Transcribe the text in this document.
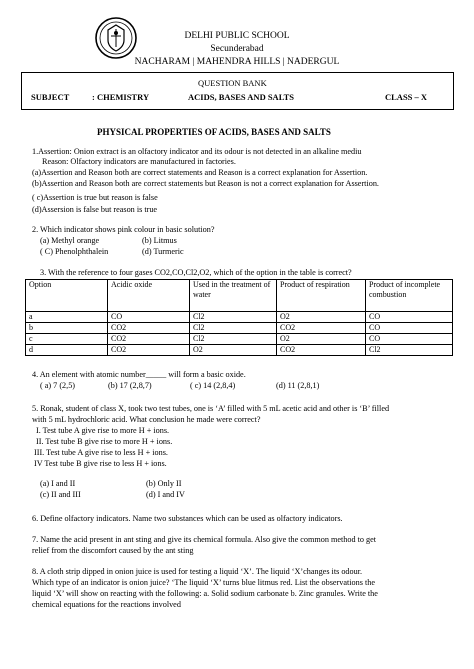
DELHI PUBLIC SCHOOL
Secunderabad
NACHARAM | MAHENDRA HILLS | NADERGUL
QUESTION BANK
SUBJECT	: CHEMISTRY	ACIDS, BASES AND SALTS	CLASS – X
PHYSICAL PROPERTIES OF ACIDS, BASES AND SALTS
1.Assertion: Onion extract is an olfactory indicator and its odour is not detected in an alkaline mediu
Reason: Olfactory indicators are manufactured in factories.
(a)Assertion and Reason both are correct statements and Reason is a correct explanation for Assertion.
(b)Assertion and Reason both are correct statements but Reason is not a correct explanation for Assertion.
( c)Assertion is true but reason is false
(d)Assersion is false but reason is true
2. Which indicator shows pink colour in basic solution?
(a) Methyl orange	(b) Litmus
( C) Phenolphthalein	(d) Turmeric
3. With the reference to four gases CO2,CO,Cl2,O2, which of the option in the table is correct?
Option	Acidic oxide	Used in the treatment of water	Product of respiration	Product of incomplete combustion
a	CO	Cl2	O2	CO
b	CO2	Cl2	CO2	CO
c	CO2	Cl2	O2	CO
d	CO2	O2	CO2	Cl2
4. An element with atomic number_____ will form a basic oxide.
( a) 7 (2,5)	(b) 17 (2,8,7)	( c) 14 (2,8,4)	(d) 11 (2,8,1)
5. Ronak, student of class X, took two test tubes, one is ‘A’ filled with 5 mL acetic acid and other is ‘B’ filled
with 5 mL hydrochloric acid. What conclusion he made were correct?
I. Test tube A give rise to more H + ions.
II. Test tube B give rise to more H + ions.
III. Test tube A give rise to less H + ions.
IV Test tube B give rise to less H + ions.
(a) I and II	(b) Only II
(c) II and III	(d) I and IV
6. Define olfactory indicators. Name two substances which can be used as olfactory indicators.
7. Name the acid present in ant sting and give its chemical formula. Also give the common method to get
relief from the discomfort caused by the ant sting
8. A cloth strip dipped in onion juice is used for testing a liquid ‘X’. The liquid ‘X’changes its odour.
Which type of an indicator is onion juice? ‘The liquid ‘X’ turns blue litmus red. List the observations the
liquid ‘X’ will show on reacting with the following: a. Solid sodium carbonate b. Zinc granules. Write the
chemical equations for the reactions involved
